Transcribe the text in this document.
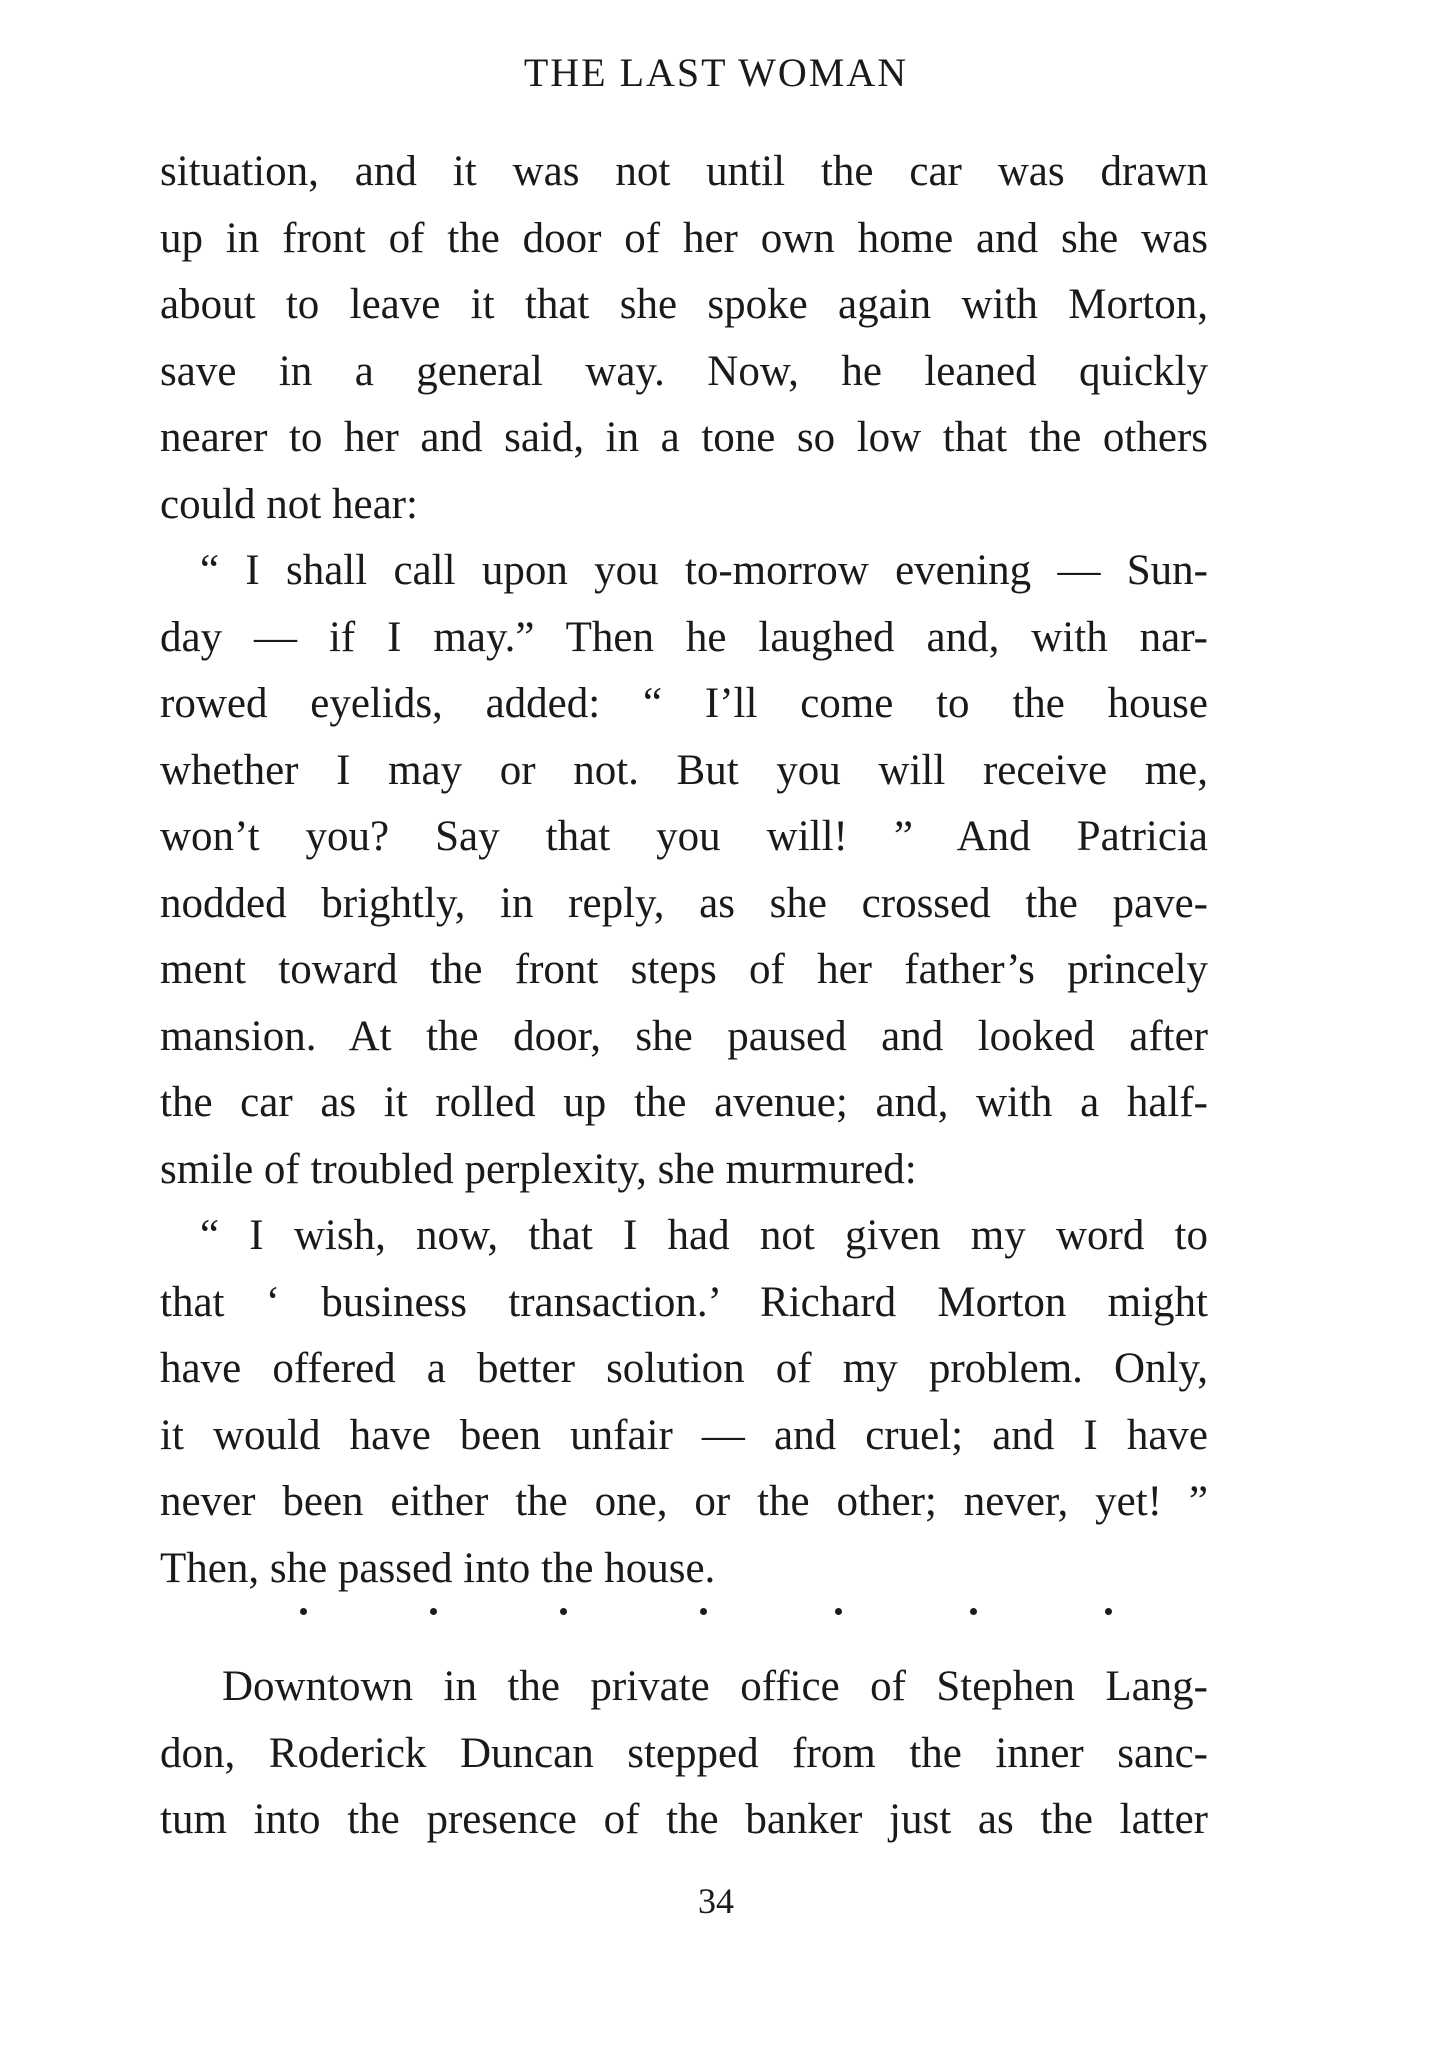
THE LAST WOMAN
situation, and it was not until the car was drawn
up in front of the door of her own home and she was
about to leave it that she spoke again with Morton,
save in a general way. Now, he leaned quickly
nearer to her and said, in a tone so low that the others
could not hear:
“ I shall call upon you to-morrow evening — Sun-
day — if I may.” Then he laughed and, with nar-
rowed eyelids, added: “ I’ll come to the house
whether I may or not. But you will receive me,
won’t you? Say that you will! ” And Patricia
nodded brightly, in reply, as she crossed the pave-
ment toward the front steps of her father’s princely
mansion. At the door, she paused and looked after
the car as it rolled up the avenue; and, with a half-
smile of troubled perplexity, she murmured:
“ I wish, now, that I had not given my word to
that ‘ business transaction.’ Richard Morton might
have offered a better solution of my problem. Only,
it would have been unfair — and cruel; and I have
never been either the one, or the other; never, yet! ”
Then, she passed into the house.
Downtown in the private office of Stephen Lang-
don, Roderick Duncan stepped from the inner sanc-
tum into the presence of the banker just as the latter
34
